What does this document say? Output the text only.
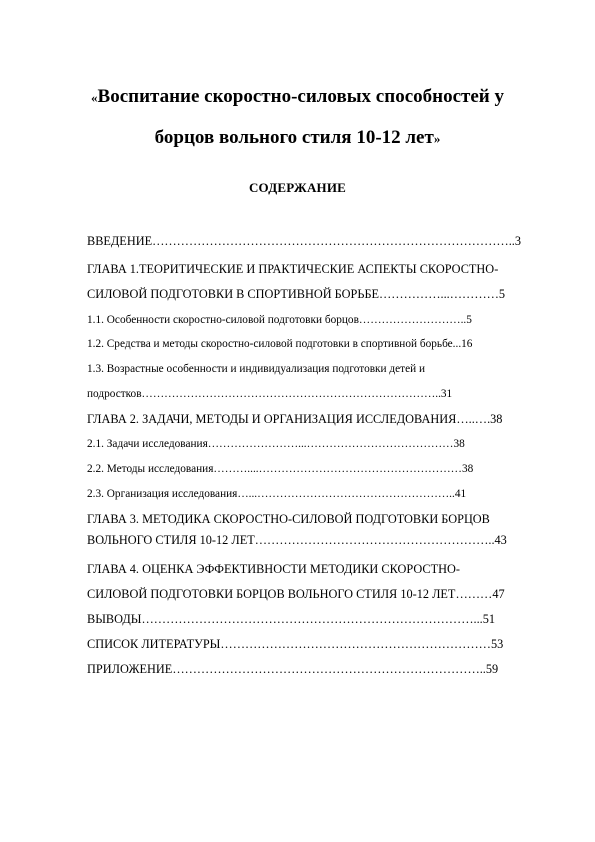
«Воспитание скоростно-силовых способностей у
борцов вольного стиля 10-12 лет»
СОДЕРЖАНИЕ
ВВЕДЕНИЕ……………………………………………………………………………..3
ГЛАВА 1.ТЕОРИТИЧЕСКИЕ И ПРАКТИЧЕСКИЕ АСПЕКТЫ СКОРОСТНО-
СИЛОВОЙ ПОДГОТОВКИ В СПОРТИВНОЙ БОРЬБЕ……………...…………5
1.1. Особенности скоростно-силовой подготовки борцов………………………..5
1.2. Средства и методы скоростно-силовой подготовки в спортивной борьбе...16
1.3. Возрастные особенности и индивидуализация подготовки детей и
подростков……………………………………………………………………..31
ГЛАВА 2. ЗАДАЧИ, МЕТОДЫ И ОРГАНИЗАЦИЯ ИССЛЕДОВАНИЯ…..….38
2.1. Задачи исследования……………………...…………………………………38
2.2. Методы исследования………....………………………………………………38
2.3. Организация исследования…...……………………………………………..41
ГЛАВА 3. МЕТОДИКА СКОРОСТНО-СИЛОВОЙ ПОДГОТОВКИ БОРЦОВ
ВОЛЬНОГО СТИЛЯ 10-12 ЛЕТ…………………………………………………..43
ГЛАВА 4. ОЦЕНКА ЭФФЕКТИВНОСТИ МЕТОДИКИ СКОРОСТНО-
СИЛОВОЙ ПОДГОТОВКИ БОРЦОВ ВОЛЬНОГО СТИЛЯ 10-12 ЛЕТ………47
ВЫВОДЫ………………………………………………………………………...51
СПИСОК ЛИТЕРАТУРЫ…………………………………………………………53
ПРИЛОЖЕНИЕ…………………………………………………………………..59
